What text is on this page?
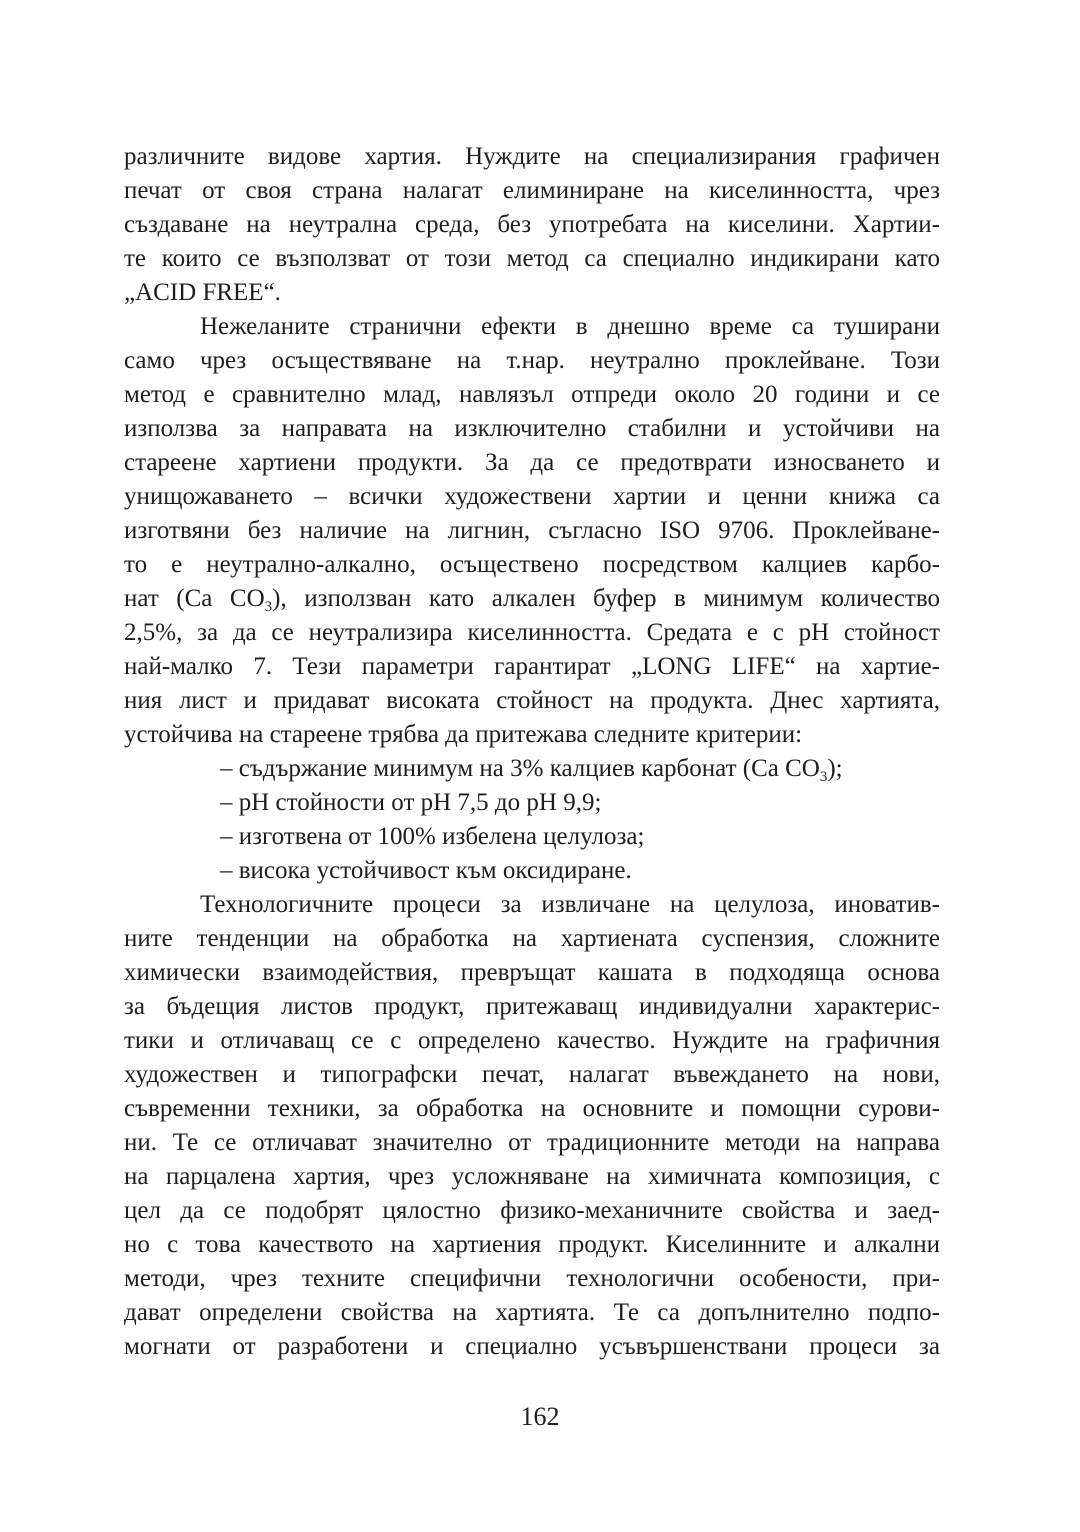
различните видове хартия. Нуждите на специализирания графичен
печат от своя страна налагат елиминиране на киселинността, чрез
създаване на неутрална среда, без употребата на киселини. Хартии-
те които се възползват от този метод са специално индикирани като
„ACID FREE“.
Нежеланите странични ефекти в днешно време са туширани
само чрез осъществяване на т.нар. неутрално проклейване. Този
метод е сравнително млад, навлязъл отпреди около 20 години и се
използва за направата на изключително стабилни и устойчиви на
стареене хартиени продукти. За да се предотврати износването и
унищожаването – всички художествени хартии и ценни книжа са
изготвяни без наличие на лигнин, съгласно ISO 9706. Проклейване-
то е неутрално-алкално, осъществено посредством калциев карбо-
нат (Ca $CO_3$), използван като алкален буфер в минимум количество
2,5%, за да се неутрализира киселинността. Средата е с pH стойност
най-малко 7. Тези параметри гарантират „LONG LIFE“ на хартие-
ния лист и придават високата стойност на продукта. Днес хартията,
устойчива на стареене трябва да притежава следните критерии:
– съдържание минимум на 3% калциев карбонат (Ca $CO_3$);
– pH стойности от pH 7,5 до pH 9,9;
– изготвена от 100% избелена целулоза;
– висока устойчивост към оксидиране.
Технологичните процеси за извличане на целулоза, иноватив-
ните тенденции на обработка на хартиената суспензия, сложните
химически взаимодействия, превръщат кашата в подходяща основа
за бъдещия листов продукт, притежаващ индивидуални характерис-
тики и отличаващ се с определено качество. Нуждите на графичния
художествен и типографски печат, налагат въвеждането на нови,
съвременни техники, за обработка на основните и помощни сурови-
ни. Те се отличават значително от традиционните методи на направа
на парцалена хартия, чрез усложняване на химичната композиция, с
цел да се подобрят цялостно физико-механичните свойства и заед-
но с това качеството на хартиения продукт. Киселинните и алкални
методи, чрез техните специфични технологични особености, при-
дават определени свойства на хартията. Те са допълнително подпо-
могнати от разработени и специално усъвършенствани процеси за
162
